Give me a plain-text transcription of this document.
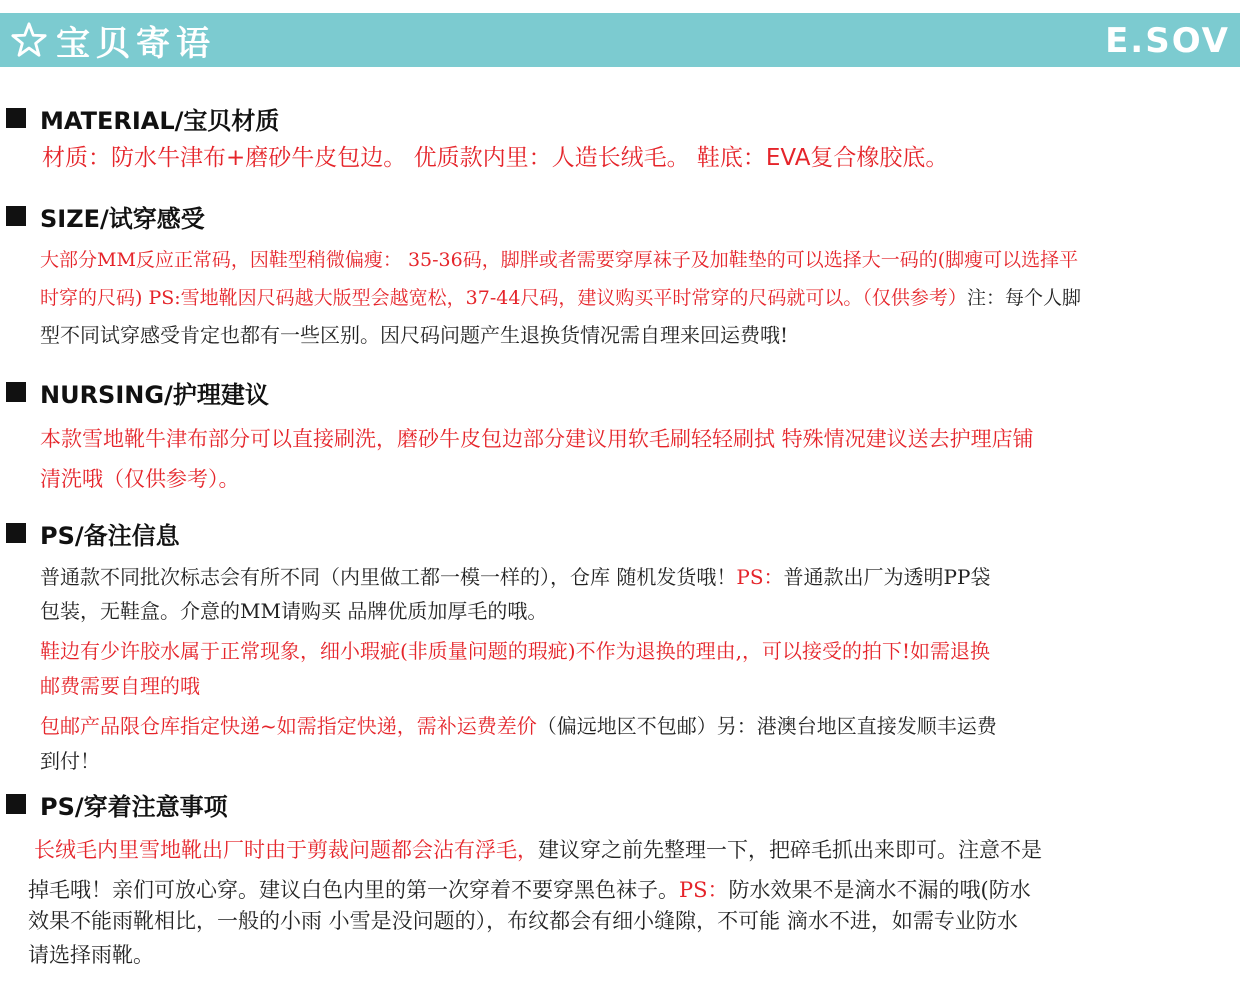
宝贝寄语	E.SOV
MATERIAL/宝贝材质
材质：防水牛津布+磨砂牛皮包边。 优质款内里：人造长绒毛。 鞋底：EVA复合橡胶底。
SIZE/试穿感受
大部分MM反应正常码，因鞋型稍微偏瘦： 35-36码，脚胖或者需要穿厚袜子及加鞋垫的可以选择大一码的(脚瘦可以选择平
时穿的尺码) PS:雪地靴因尺码越大版型会越宽松，37-44尺码，建议购买平时常穿的尺码就可以。（仅供参考）注：每个人脚
型不同试穿感受肯定也都有一些区别。因尺码问题产生退换货情况需自理来回运费哦!
NURSING/护理建议
本款雪地靴牛津布部分可以直接刷洗，磨砂牛皮包边部分建议用软毛刷轻轻刷拭 特殊情况建议送去护理店铺
清洗哦（仅供参考）。
PS/备注信息
普通款不同批次标志会有所不同（内里做工都一模一样的），仓库 随机发货哦！PS：普通款出厂为透明PP袋
包装，无鞋盒。介意的MM请购买 品牌优质加厚毛的哦。
鞋边有少许胶水属于正常现象，细小瑕疵(非质量问题的瑕疵)不作为退换的理由,，可以接受的拍下!如需退换
邮费需要自理的哦
包邮产品限仓库指定快递~如需指定快递，需补运费差价（偏远地区不包邮）另：港澳台地区直接发顺丰运费
到付！
PS/穿着注意事项
长绒毛内里雪地靴出厂时由于剪裁问题都会沾有浮毛，建议穿之前先整理一下，把碎毛抓出来即可。注意不是
掉毛哦！亲们可放心穿。建议白色内里的第一次穿着不要穿黑色袜子。PS：防水效果不是滴水不漏的哦(防水
效果不能雨靴相比，一般的小雨 小雪是没问题的），布纹都会有细小缝隙，不可能 滴水不进，如需专业防水
请选择雨靴。
